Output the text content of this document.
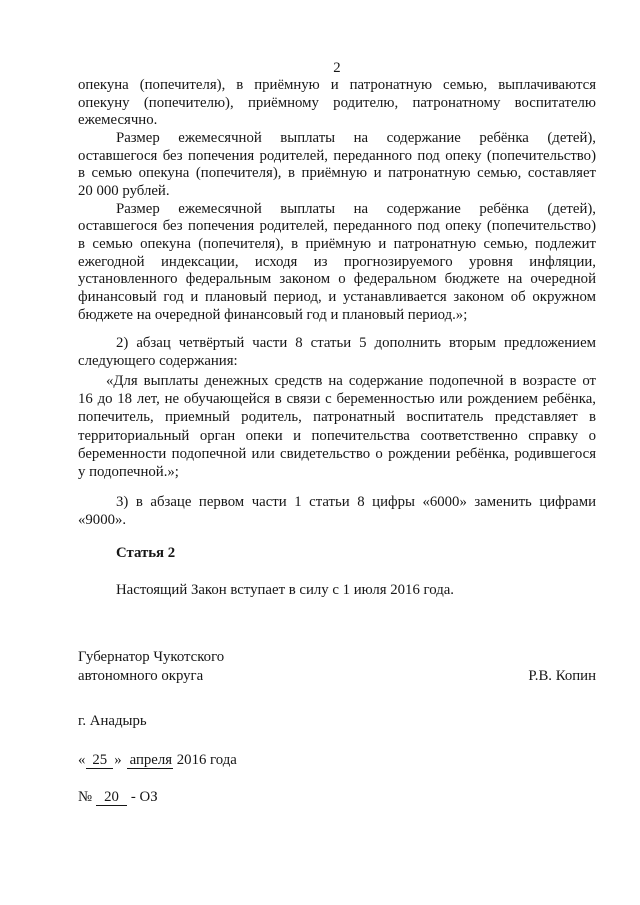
2
опекуна (попечителя), в приёмную и патронатную семью, выплачиваются
опекуну (попечителю), приёмному родителю, патронатному воспитателю
ежемесячно.
Размер ежемесячной выплаты на содержание ребёнка (детей),
оставшегося без попечения родителей, переданного под опеку (попечительство)
в семью опекуна (попечителя), в приёмную и патронатную семью, составляет
20 000 рублей.
Размер ежемесячной выплаты на содержание ребёнка (детей),
оставшегося без попечения родителей, переданного под опеку (попечительство)
в семью опекуна (попечителя), в приёмную и патронатную семью, подлежит
ежегодной индексации, исходя из прогнозируемого уровня инфляции,
установленного федеральным законом о федеральном бюджете на очередной
финансовый год и плановый период, и устанавливается законом об окружном
бюджете на очередной финансовый год и плановый период.»;
2) абзац четвёртый части 8 статьи 5 дополнить вторым предложением
следующего содержания:
«Для выплаты денежных средств на содержание подопечной в возрасте от
16 до 18 лет, не обучающейся в связи с беременностью или рождением ребёнка,
попечитель, приемный родитель, патронатный воспитатель представляет в
территориальный орган опеки и попечительства соответственно справку о
беременности подопечной или свидетельство о рождении ребёнка, родившегося
у подопечной.»;
3) в абзаце первом части 1 статьи 8 цифры «6000» заменить цифрами
«9000».
Статья 2
Настоящий Закон вступает в силу с 1 июля 2016 года.
Губернатор Чукотского
автономного округа	Р.В. Копин
г. Анадырь
« 25 » апреля 2016 года
№ 20 - ОЗ
